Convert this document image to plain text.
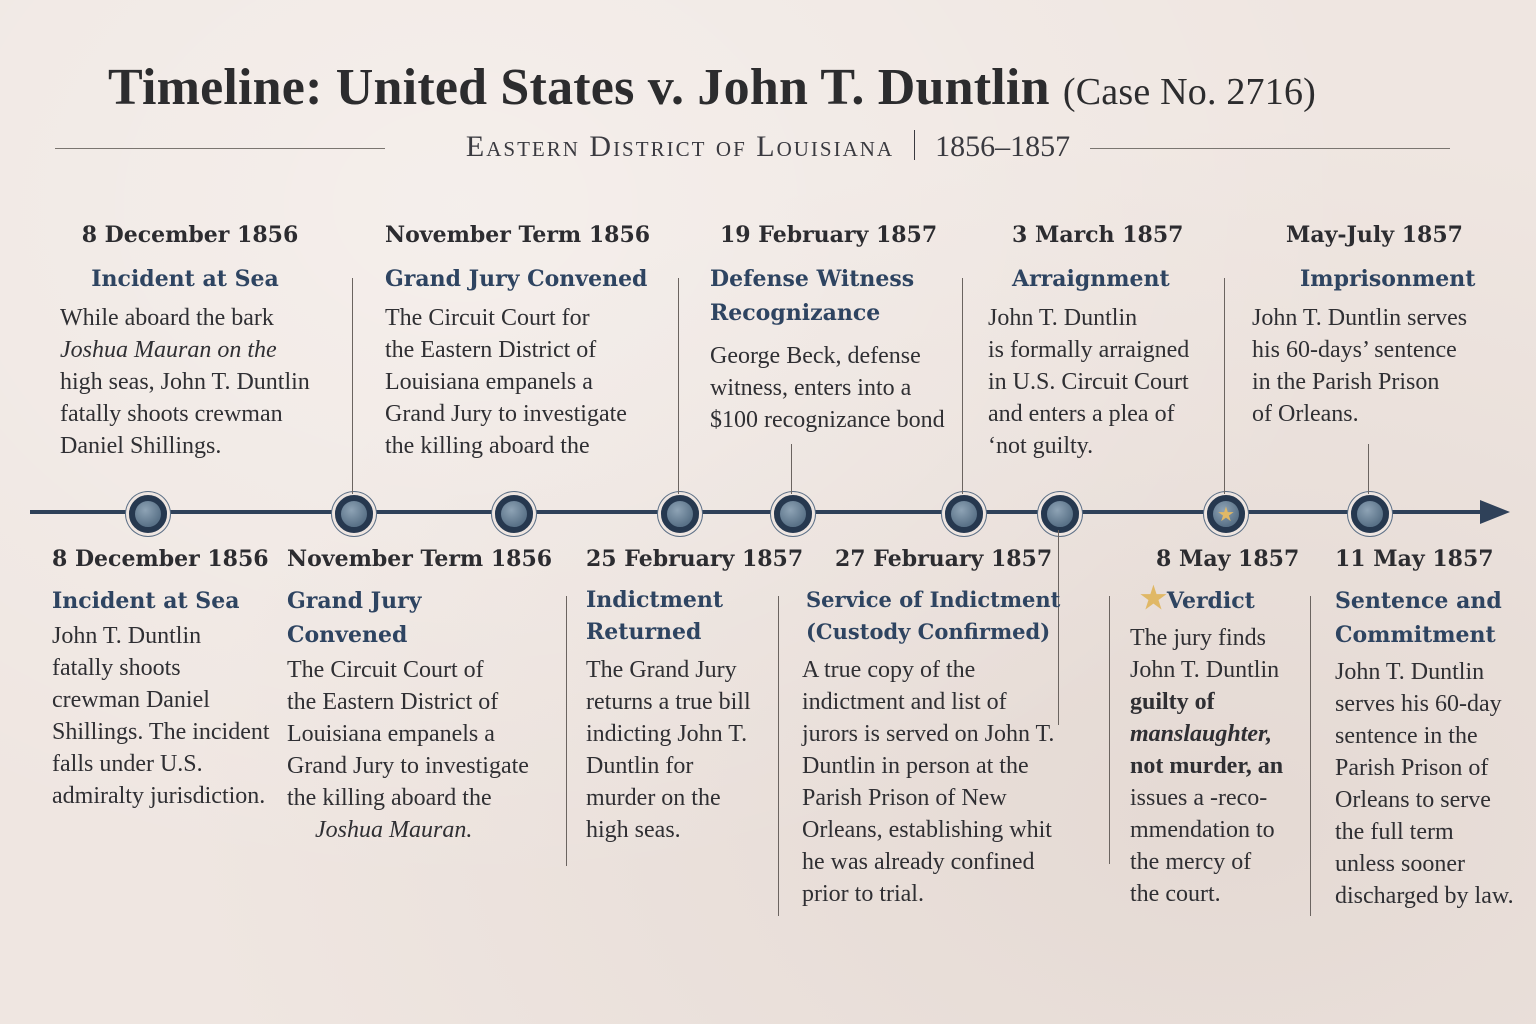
Timeline: United States v. John T. Duntlin (Case No. 2716)
Eastern District of Louisiana 1856–1857
★
8 December 1856
Incident at Sea
While aboard the bark
Joshua Mauran on the
high seas, John T. Duntlin
fatally shoots crewman
Daniel Shillings.
November Term 1856
Grand Jury Convened
The Circuit Court for
the Eastern District of
Louisiana empanels a
Grand Jury to investigate
the killing aboard the
19 February 1857
Defense Witness Recognizance
George Beck, defense
witness, enters into a
$100 recognizance bond
3 March 1857
Arraignment
John T. Duntlin
is formally arraigned
in U.S. Circuit Court
and enters a plea of
‘not guilty.
May-July 1857
Imprisonment
John T. Duntlin serves
his 60-days’ sentence
in the Parish Prison
of Orleans.
8 December 1856
Incident at Sea
John T. Duntlin
fatally shoots
crewman Daniel
Shillings. The incident
falls under U.S.
admiralty jurisdiction.
November Term 1856
Grand Jury Convened
The Circuit Court of
the Eastern District of
Louisiana empanels a
Grand Jury to investigate
the killing aboard the
Joshua Mauran.
25 February 1857
Indictment Returned
The Grand Jury
returns a true bill
indicting John T.
Duntlin for
murder on the
high seas.
27 February 1857
Service of Indictment (Custody Confirmed)
A true copy of the
indictment and list of
jurors is served on John T.
Duntlin in person at the
Parish Prison of New
Orleans, establishing whit
he was already confined
prior to trial.
8 May 1857
★Verdict
The jury finds
John T. Duntlin
guilty of
manslaughter,
not murder, an
issues a -reco-
mmendation to
the mercy of
the court.
11 May 1857
Sentence and Commitment
John T. Duntlin
serves his 60-day
sentence in the
Parish Prison of
Orleans to serve
the full term
unless sooner
discharged by law.
